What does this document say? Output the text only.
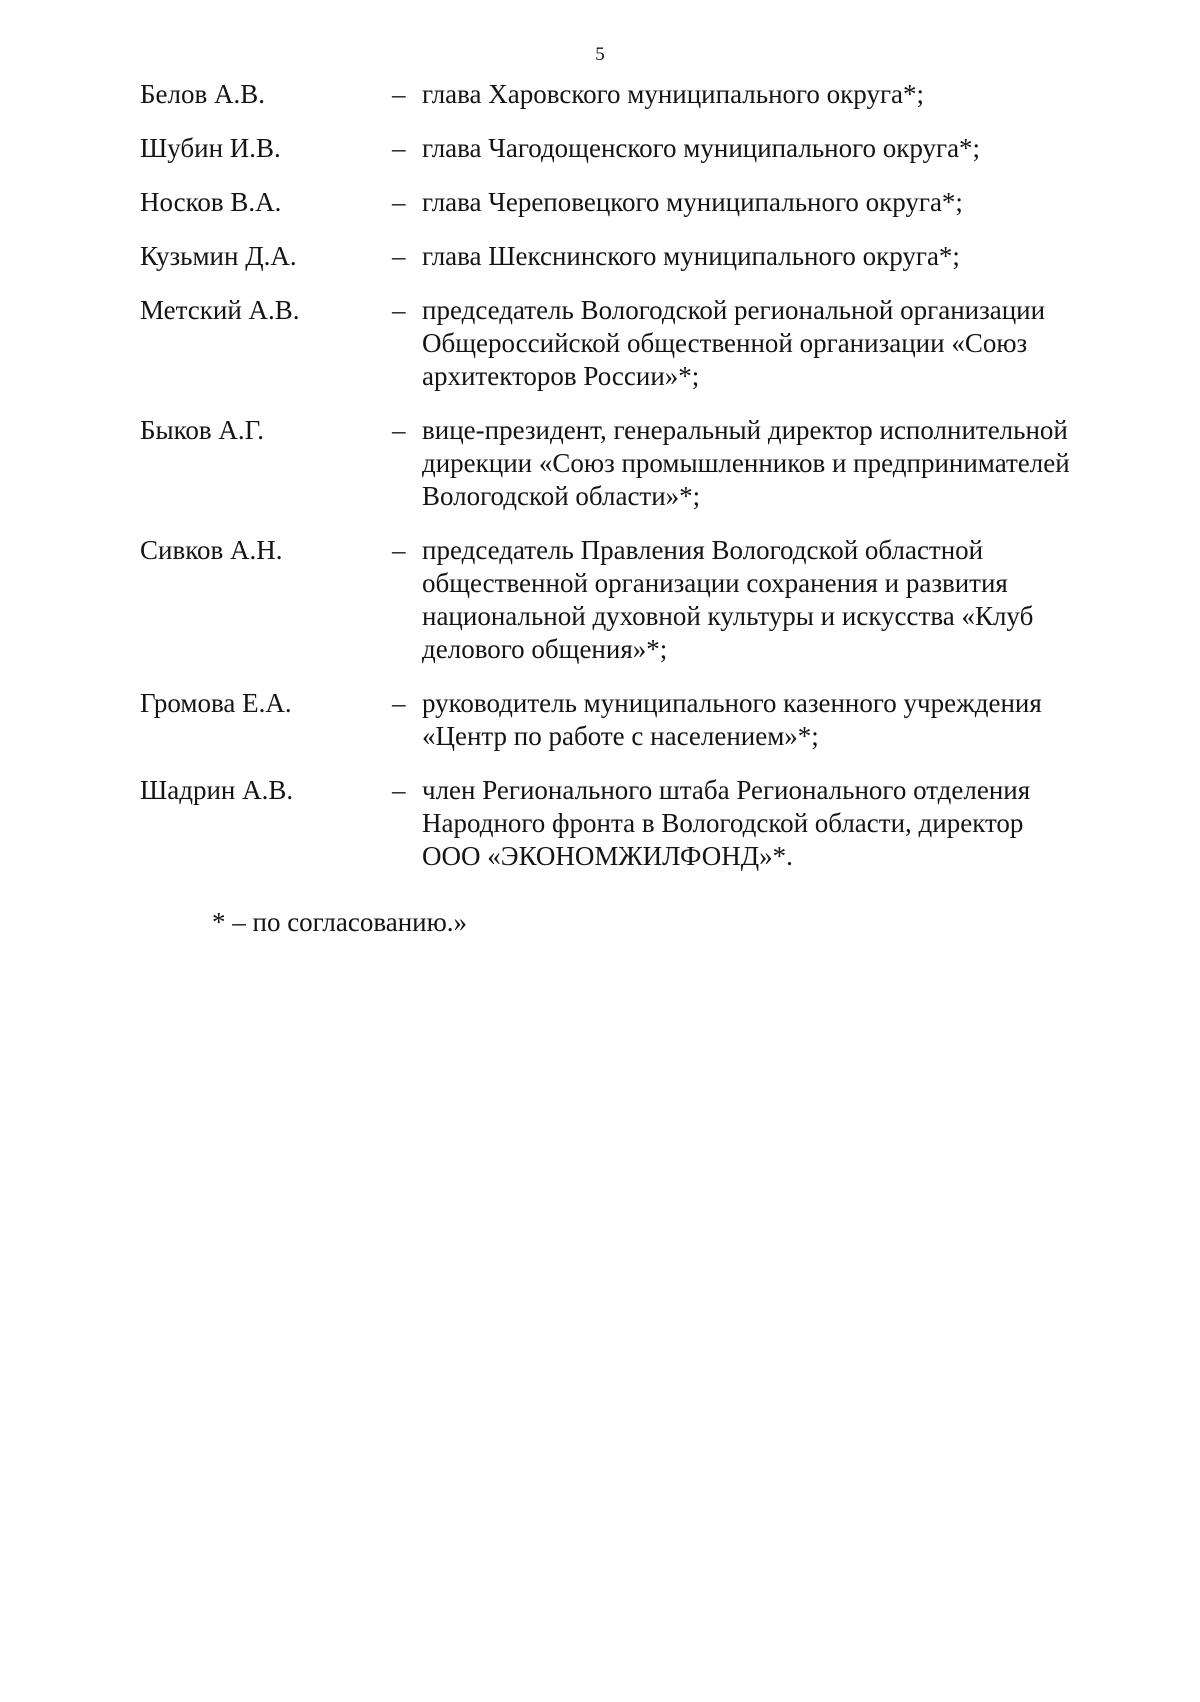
5
Белов А.В.	– глава Харовского муниципального округа*;
Шубин И.В.	– глава Чагодощенского муниципального округа*;
Носков В.А.	– глава Череповецкого муниципального округа*;
Кузьмин Д.А.	– глава Шекснинского муниципального округа*;
Метский А.В.	– председатель Вологодской региональной организации
Общероссийской общественной организации «Союз
архитекторов России»*;
Быков А.Г.	– вице-президент, генеральный директор исполнительной
дирекции «Союз промышленников и предпринимателей
Вологодской области»*;
Сивков А.Н.	– председатель Правления Вологодской областной
общественной организации сохранения и развития
национальной духовной культуры и искусства «Клуб
делового общения»*;
Громова Е.А.	– руководитель муниципального казенного учреждения
«Центр по работе с населением»*;
Шадрин А.В.	– член Регионального штаба Регионального отделения
Народного фронта в Вологодской области, директор
ООО «ЭКОНОМЖИЛФОНД»*.
* – по согласованию.»
